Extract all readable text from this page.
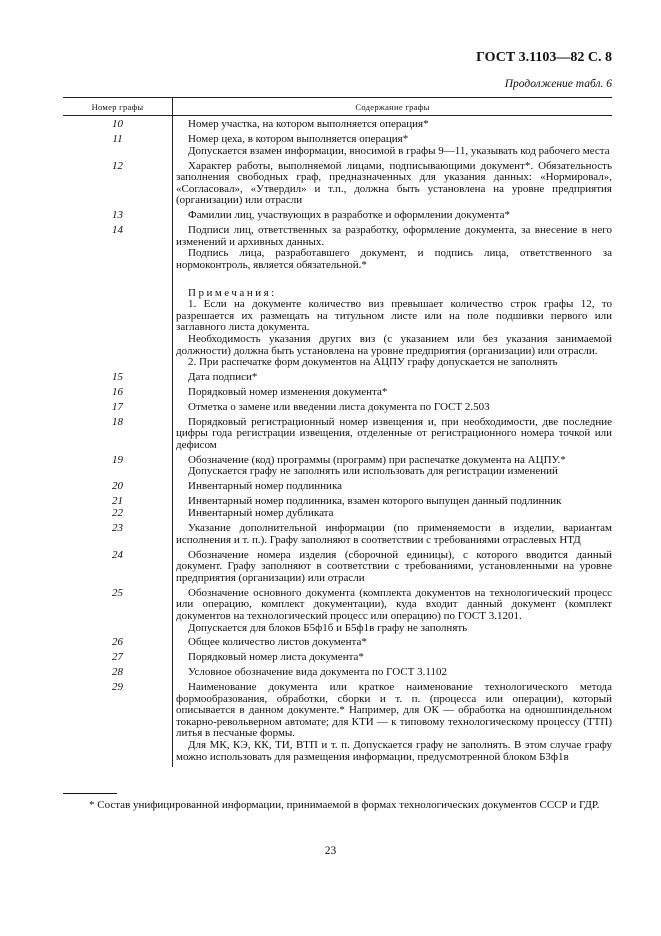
ГОСТ 3.1103—82 С. 8
Продолжение табл. 6
Номер графы	Содержание графы
10	Номер участка, на котором выполняется операция*

11	Номер цеха, в котором выполняется операция*

Допускается взамен информации, вносимой в графы 9—11, указывать код рабочего места

12	Характер работы, выполняемой лицами, подписывающими документ*. Обязательность заполнения свободных граф, предназначенных для указания данных: «Нормировал», «Согласовал», «Утвердил» и т.п., должна быть установлена на уровне предприятия (организации) или отрасли

13	Фамилии лиц, участвующих в разработке и оформлении документа*

14	Подписи лиц, ответственных за разработку, оформление документа, за внесение в него изменений и архивных данных.

Подпись лица, разработавшего документ, и подпись лица, ответственного за нормоконтроль, является обязательной.*

Примечания:

1. Если на документе количество виз превышает количество строк графы 12, то разрешается их размещать на титульном листе или на поле подшивки первого или заглавного листа документа.

Необходимость указания других виз (с указанием или без указания занимаемой должности) должна быть установлена на уровне предприятия (организации) или отрасли.

2. При распечатке форм документов на АЦПУ графу допускается не заполнять

15	Дата подписи*

16	Порядковый номер изменения документа*

17	Отметка о замене или введении листа документа по ГОСТ 2.503

18	Порядковый регистрационный номер извещения и, при необходимости, две последние цифры года регистрации извещения, отделенные от регистрационного номера точкой или дефисом

19	Обозначение (код) программы (программ) при распечатке документа на АЦПУ.*

Допускается графу не заполнять или использовать для регистрации изменений

20	Инвентарный номер подлинника

21	Инвентарный номер подлинника, взамен которого выпущен данный подлинник

22	Инвентарный номер дубликата

23	Указание дополнительной информации (по применяемости в изделии, вариантам исполнения и т. п.). Графу заполняют в соответствии с требованиями отраслевых НТД

24	Обозначение номера изделия (сборочной единицы), с которого вводится данный документ. Графу заполняют в соответствии с требованиями, установленными на уровне предприятия (организации) или отрасли

25	Обозначение основного документа (комплекта документов на технологический процесс или операцию, комплект документации), куда входит данный документ (комплект документов на технологический процесс или операцию) по ГОСТ 3.1201.

Допускается для блоков Б5ф1б и Б5ф1в графу не заполнять

26	Общее количество листов документа*

27	Порядковый номер листа документа*

28	Условное обозначение вида документа по ГОСТ 3.1102

29	Наименование документа или краткое наименование технологического метода формообразования, обработки, сборки и т. п. (процесса или операции), который описывается в данном документе.* Например, для ОК — обработка на одношпиндельном токарно-револьверном автомате; для КТИ — к типовому технологическому процессу (ТТП) литья в песчаные формы.

Для МК, КЭ, КК, ТИ, ВТП и т. п. Допускается графу не заполнять. В этом случае графу можно использовать для размещения информации, предусмотренной блоком Б3ф1в

* Состав унифицированной информации, принимаемой в формах технологических документов СССР и ГДР.
23
